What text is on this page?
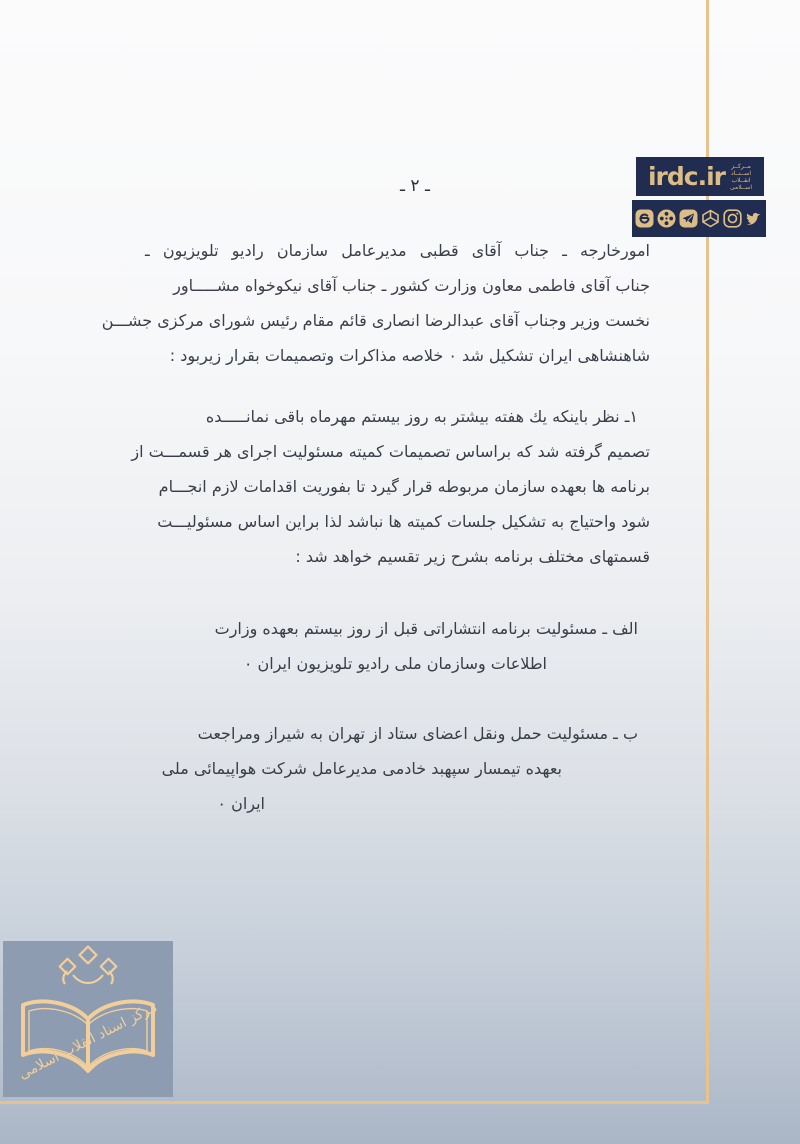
ـ ۲ ـ	irdc.ir مــرکــز
اســنــاد
انقــلاب
اســلامی
امورخارجه ـ جناب آقای قطبی مدیرعامل سازمان رادیو تلویزیون ـ
جناب آقای فاطمی معاون وزارت کشور ـ جناب آقای نیکوخواه مشـــــاور
نخست وزیر وجناب آقای عبدالرضا انصاری قائم مقام رئیس شورای مرکزی جشـــن
شاهنشاهی ایران تشکیل شد ۰ خلاصه مذاکرات وتصمیمات بقرار زیربود :
۱ـ نظر باینکه یك هفته بیشتر به روز بیستم مهرماه باقی نمانـــــده
تصمیم گرفته شد که براساس تصمیمات کمیته مسئولیت اجرای هر قسمـــت از
برنامه ها بعهده سازمان مربوطه قرار گیرد تا بفوریت اقدامات لازم انجـــام
شود واحتیاج به تشکیل جلسات کمیته ها نباشد لذا براین اساس مسئولیـــت
قسمتهای مختلف برنامه بشرح زیر تقسیم خواهد شد :
الف ـ مسئولیت برنامه انتشاراتی قبل از روز بیستم بعهده وزارت
اطلاعات وسازمان ملی رادیو تلویزیون ایران ۰
ب ـ مسئولیت حمل ونقل اعضای ستاد از تهران به شیراز ومراجعت
بعهده تیمسار سپهبد خادمی مدیرعامل شرکت هواپیمائی ملی
ایران ۰
مرکز اسناد انقلاب اسلامی
